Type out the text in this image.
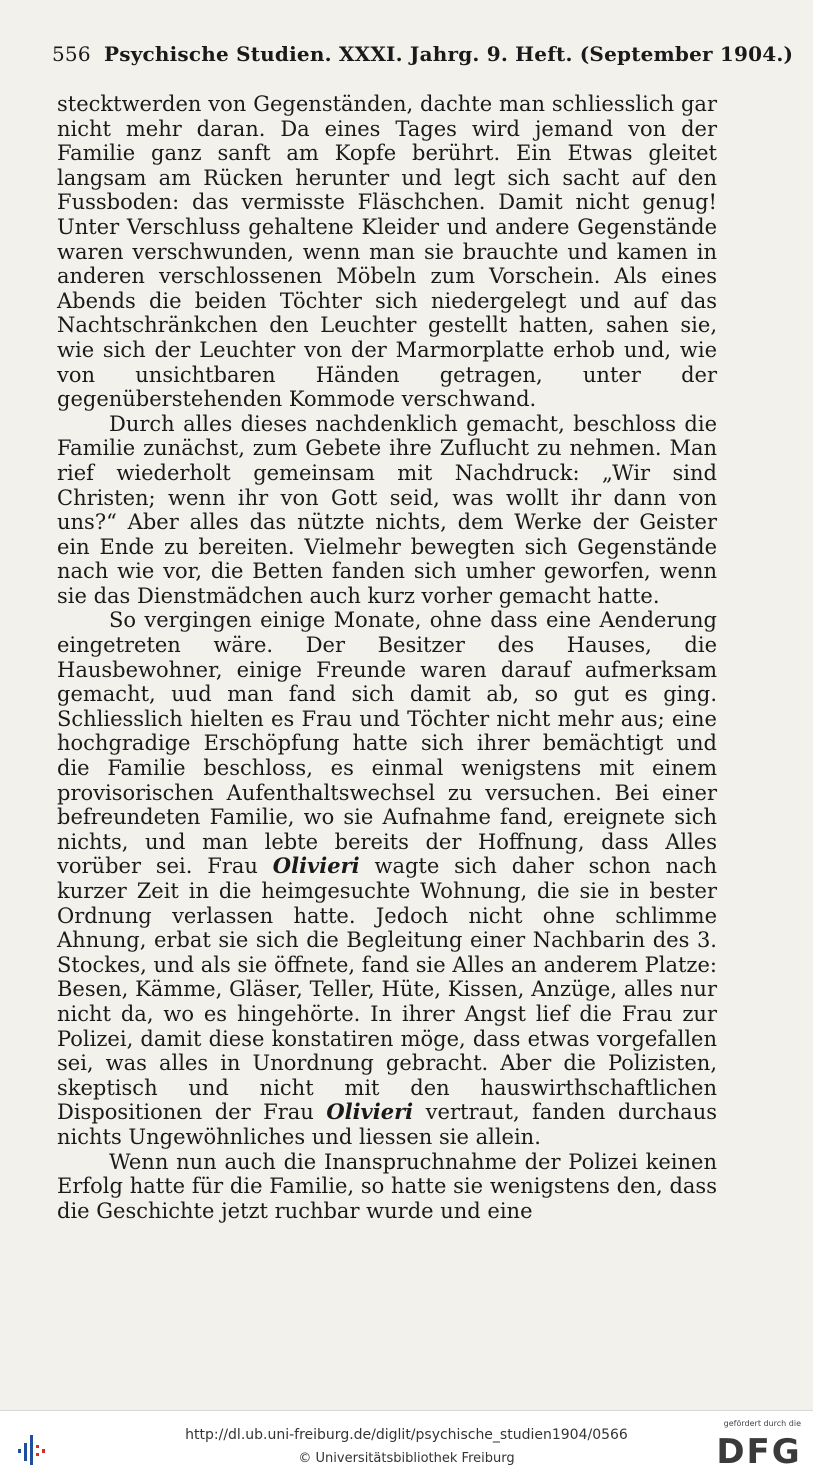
556 Psychische Studien. XXXI. Jahrg. 9. Heft. (September 1904.)

stecktwerden von Gegenständen, dachte man schliesslich gar nicht mehr daran. Da eines Tages wird jemand von der Familie ganz sanft am Kopfe berührt. Ein Etwas gleitet langsam am Rücken herunter und legt sich sacht auf den Fussboden: das vermisste Fläschchen. Damit nicht genug! Unter Verschluss gehaltene Kleider und andere Gegenstände waren verschwunden, wenn man sie brauchte und kamen in anderen verschlossenen Möbeln zum Vorschein. Als eines Abends die beiden Töchter sich niedergelegt und auf das Nachtschränkchen den Leuchter gestellt hatten, sahen sie, wie sich der Leuchter von der Marmorplatte erhob und, wie von unsichtbaren Händen getragen, unter der gegenüberstehenden Kommode verschwand.

Durch alles dieses nachdenklich gemacht, beschloss die Familie zunächst, zum Gebete ihre Zuflucht zu nehmen. Man rief wiederholt gemeinsam mit Nachdruck: „Wir sind Christen; wenn ihr von Gott seid, was wollt ihr dann von uns?“ Aber alles das nützte nichts, dem Werke der Geister ein Ende zu bereiten. Vielmehr bewegten sich Gegenstände nach wie vor, die Betten fanden sich umher geworfen, wenn sie das Dienstmädchen auch kurz vorher gemacht hatte.

So vergingen einige Monate, ohne dass eine Aenderung eingetreten wäre. Der Besitzer des Hauses, die Hausbewohner, einige Freunde waren darauf aufmerksam gemacht, uud man fand sich damit ab, so gut es ging. Schliesslich hielten es Frau und Töchter nicht mehr aus; eine hochgradige Erschöpfung hatte sich ihrer bemächtigt und die Familie beschloss, es einmal wenigstens mit einem provisorischen Aufenthaltswechsel zu versuchen. Bei einer befreundeten Familie, wo sie Aufnahme fand, ereignete sich nichts, und man lebte bereits der Hoffnung, dass Alles vorüber sei. Frau Olivieri wagte sich daher schon nach kurzer Zeit in die heimgesuchte Wohnung, die sie in bester Ordnung verlassen hatte. Jedoch nicht ohne schlimme Ahnung, erbat sie sich die Begleitung einer Nachbarin des 3. Stockes, und als sie öffnete, fand sie Alles an anderem Platze: Besen, Kämme, Gläser, Teller, Hüte, Kissen, Anzüge, alles nur nicht da, wo es hingehörte. In ihrer Angst lief die Frau zur Polizei, damit diese konstatiren möge, dass etwas vorgefallen sei, was alles in Unordnung gebracht. Aber die Polizisten, skeptisch und nicht mit den hauswirthschaftlichen Dispositionen der Frau Olivieri vertraut, fanden durchaus nichts Ungewöhnliches und liessen sie allein.

Wenn nun auch die Inanspruchnahme der Polizei keinen Erfolg hatte für die Familie, so hatte sie wenigstens den, dass die Geschichte jetzt ruchbar wurde und eine

http://dl.ub.uni-freiburg.de/diglit/psychische_studien1904/0566
© Universitätsbibliothek Freiburg
gefördert durch die
DFG
